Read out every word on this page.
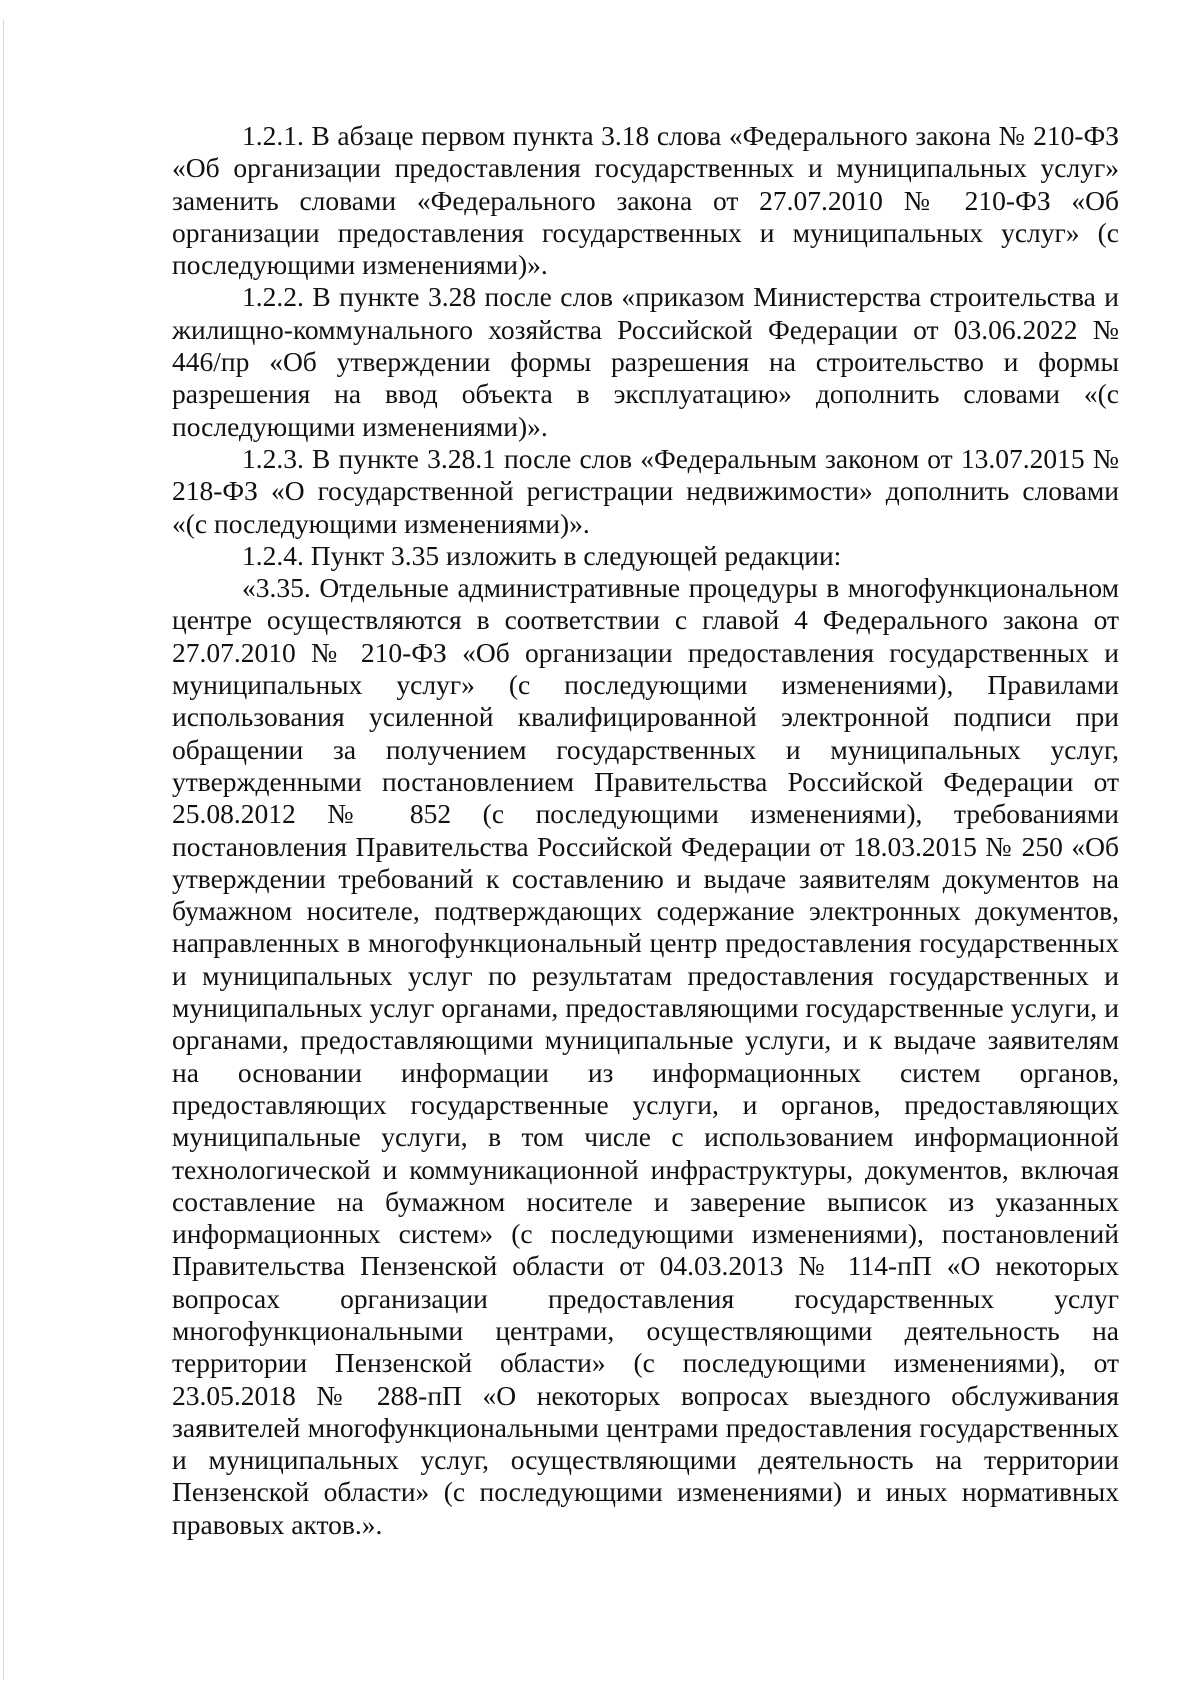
1.2.1. В абзаце первом пункта 3.18 слова «Федерального закона № 210-ФЗ «Об организации предоставления государственных и муниципальных услуг» заменить словами «Федерального закона от 27.07.2010 № 210-ФЗ «Об организации предоставления государственных и муниципальных услуг» (с последующими изменениями)».

1.2.2. В пункте 3.28 после слов «приказом Министерства строительства и жилищно-коммунального хозяйства Российской Федерации от 03.06.2022 № 446/пр «Об утверждении формы разрешения на строительство и формы разрешения на ввод объекта в эксплуатацию» дополнить словами «(с последующими изменениями)».

1.2.3. В пункте 3.28.1 после слов «Федеральным законом от 13.07.2015 № 218-ФЗ «О государственной регистрации недвижимости» дополнить словами «(с последующими изменениями)».

1.2.4. Пункт 3.35 изложить в следующей редакции:

«3.35. Отдельные административные процедуры в многофункциональном центре осуществляются в соответствии с главой 4 Федерального закона от 27.07.2010 № 210-ФЗ «Об организации предоставления государственных и муниципальных услуг» (с последующими изменениями), Правилами использования усиленной квалифицированной электронной подписи при обращении за получением государственных и муниципальных услуг, утвержденными постановлением Правительства Российской Федерации от 25.08.2012 № 852 (с последующими изменениями), требованиями постановления Правительства Российской Федерации от 18.03.2015 № 250 «Об утверждении требований к составлению и выдаче заявителям документов на бумажном носителе, подтверждающих содержание электронных документов, направленных в многофункциональный центр предоставления государственных и муниципальных услуг по результатам предоставления государственных и муниципальных услуг органами, предоставляющими государственные услуги, и органами, предоставляющими муниципальные услуги, и к выдаче заявителям на основании информации из информационных систем органов, предоставляющих государственные услуги, и органов, предоставляющих муниципальные услуги, в том числе с использованием информационной технологической и коммуникационной инфраструктуры, документов, включая составление на бумажном носителе и заверение выписок из указанных информационных систем» (с последующими изменениями), постановлений Правительства Пензенской области от 04.03.2013 № 114-пП «О некоторых вопросах организации предоставления государственных услуг многофункциональными центрами, осуществляющими деятельность на территории Пензенской области» (с последующими изменениями), от 23.05.2018 № 288-пП «О некоторых вопросах выездного обслуживания заявителей многофункциональными центрами предоставления государственных и муниципальных услуг, осуществляющими деятельность на территории Пензенской области» (с последующими изменениями) и иных нормативных правовых актов.».
